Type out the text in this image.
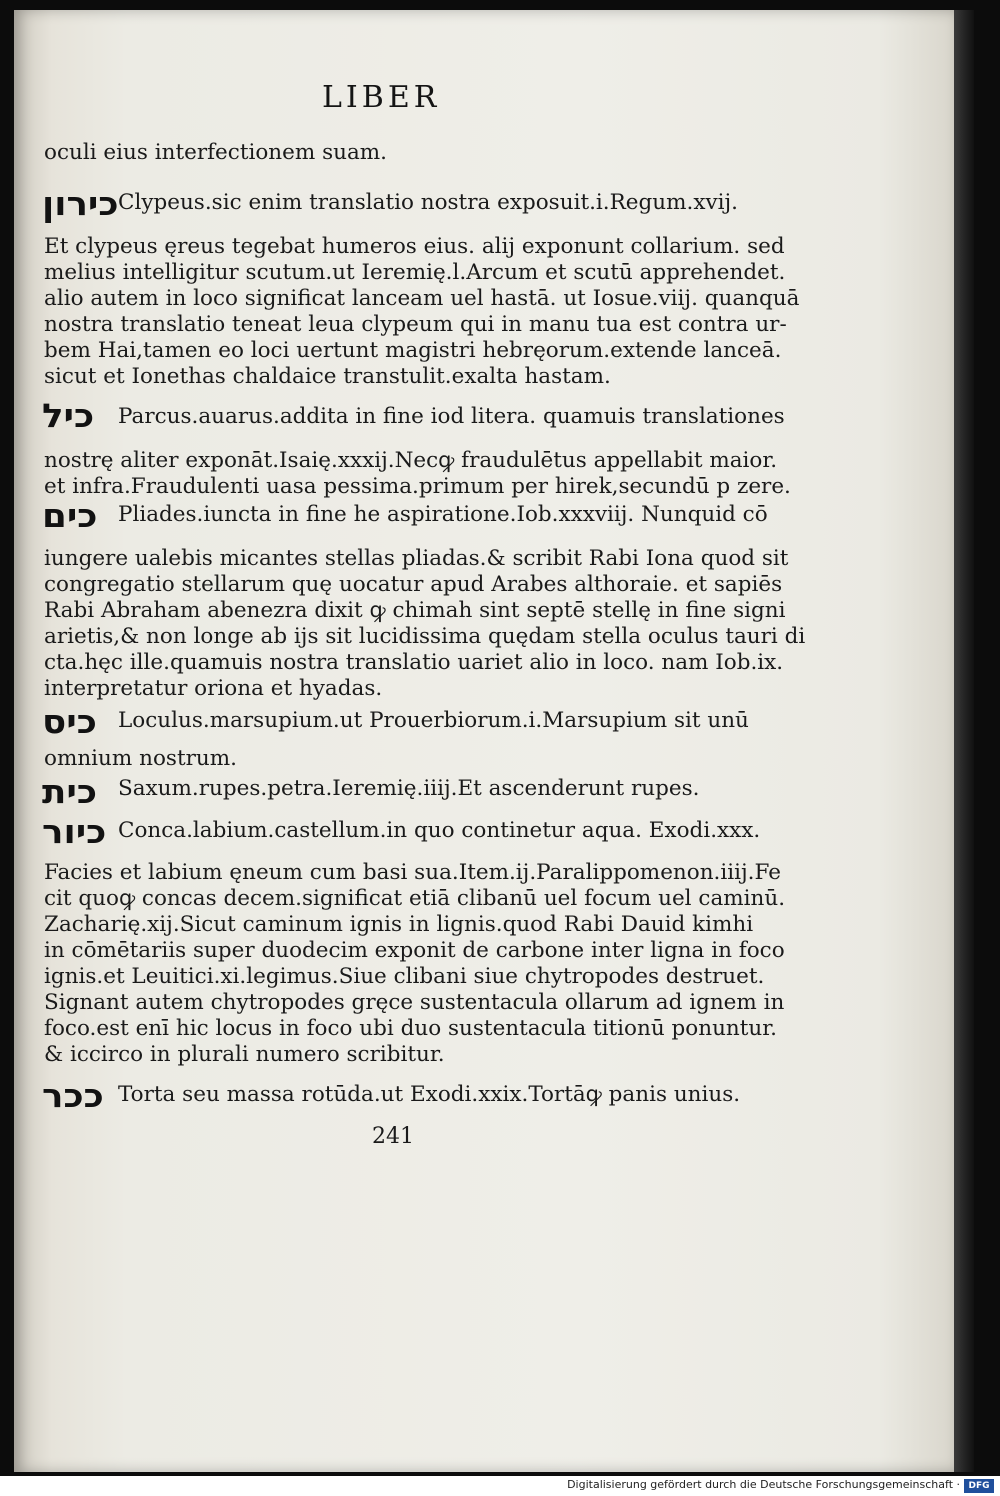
LIBER
oculi eius interfectionem suam.
כירון Clypeus.sic enim translatio nostra exposuit.i.Regum.xvij.
Et clypeus ęreus tegebat humeros eius. alij exponunt collarium. sed
melius intelligitur scutum.ut Ieremię.l.Arcum et scutū apprehendet.
alio autem in loco significat lanceam uel hastā. ut Iosue.viij. quanquā
nostra translatio teneat leua clypeum qui in manu tua est contra ur-
bem Hai,tamen eo loci uertunt magistri hebręorum.extende lanceā.
sicut et Ionethas chaldaice transtulit.exalta hastam.
כיל Parcus.auarus.addita in fine iod litera. quamuis translationes
nostrę aliter exponāt.Isaię.xxxij.Necꝙ fraudulētus appellabit maior.
et infra.Fraudulenti uasa pessima.primum per hirek,secundū p zere.
כים Pliades.iuncta in fine he aspiratione.Iob.xxxviij. Nunquid cō
iungere ualebis micantes stellas pliadas.& scribit Rabi Iona quod sit
congregatio stellarum quę uocatur apud Arabes althoraie. et sapiēs
Rabi Abraham abenezra dixit ꝙ chimah sint septē stellę in fine signi
arietis,& non longe ab ijs sit lucidissima quędam stella oculus tauri di
cta.hęc ille.quamuis nostra translatio uariet alio in loco. nam Iob.ix.
interpretatur oriona et hyadas.
כיס Loculus.marsupium.ut Prouerbiorum.i.Marsupium sit unū
omnium nostrum.
כית Saxum.rupes.petra.Ieremię.iiij.Et ascenderunt rupes.
כיור Conca.labium.castellum.in quo continetur aqua. Exodi.xxx.
Facies et labium ęneum cum basi sua.Item.ij.Paralippomenon.iiij.Fe
cit quoꝙ concas decem.significat etiā clibanū uel focum uel caminū.
Zacharię.xij.Sicut caminum ignis in lignis.quod Rabi Dauid kimhi
in cōmētariis super duodecim exponit de carbone inter ligna in foco
ignis.et Leuitici.xi.legimus.Siue clibani siue chytropodes destruet.
Signant autem chytropodes gręce sustentacula ollarum ad ignem in
foco.est enī hic locus in foco ubi duo sustentacula titionū ponuntur.
& iccirco in plurali numero scribitur.
ככר Torta seu massa rotūda.ut Exodi.xxix.Tortāꝙ panis unius.
241
Digitalisierung gefördert durch die Deutsche Forschungsgemeinschaft · DFG
